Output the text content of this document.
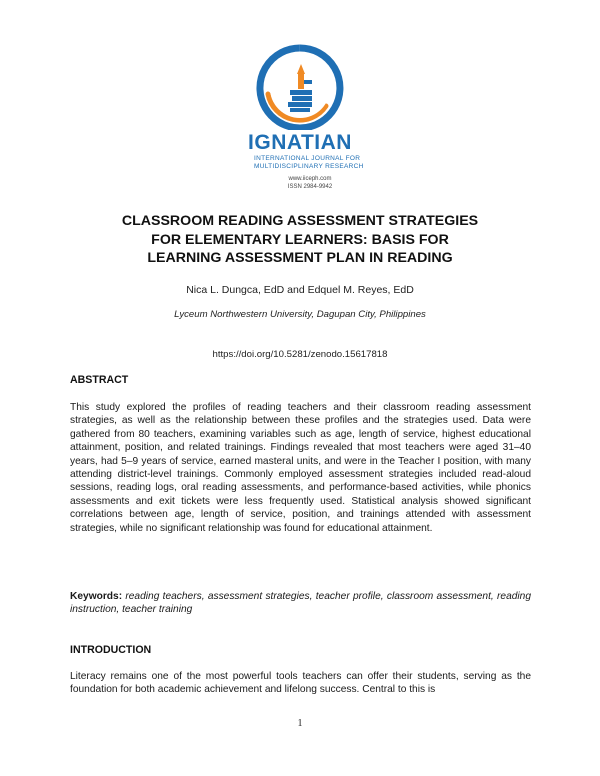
IGNATIAN
INTERNATIONAL JOURNAL FOR MULTIDISCIPLINARY RESEARCH
www.iiceph.com
ISSN 2984-9942
CLASSROOM READING ASSESSMENT STRATEGIES
FOR ELEMENTARY LEARNERS: BASIS FOR
LEARNING ASSESSMENT PLAN IN READING
Nica L. Dungca, EdD and Edquel M. Reyes, EdD
Lyceum Northwestern University, Dagupan City, Philippines
https://doi.org/10.5281/zenodo.15617818
ABSTRACT
This study explored the profiles of reading teachers and their classroom reading assessment strategies, as well as the relationship between these profiles and the strategies used. Data were gathered from 80 teachers, examining variables such as age, length of service, highest educational attainment, position, and related trainings. Findings revealed that most teachers were aged 31–40 years, had 5–9 years of service, earned masteral units, and were in the Teacher I position, with many attending district-level trainings. Commonly employed assessment strategies included read-aloud sessions, reading logs, oral reading assessments, and performance-based activities, while phonics assessments and exit tickets were less frequently used. Statistical analysis showed significant correlations between age, length of service, position, and trainings attended with assessment strategies, while no significant relationship was found for educational attainment.
Keywords: reading teachers, assessment strategies, teacher profile, classroom assessment, reading instruction, teacher training
INTRODUCTION
Literacy remains one of the most powerful tools teachers can offer their students, serving as the foundation for both academic achievement and lifelong success. Central to this is
1
